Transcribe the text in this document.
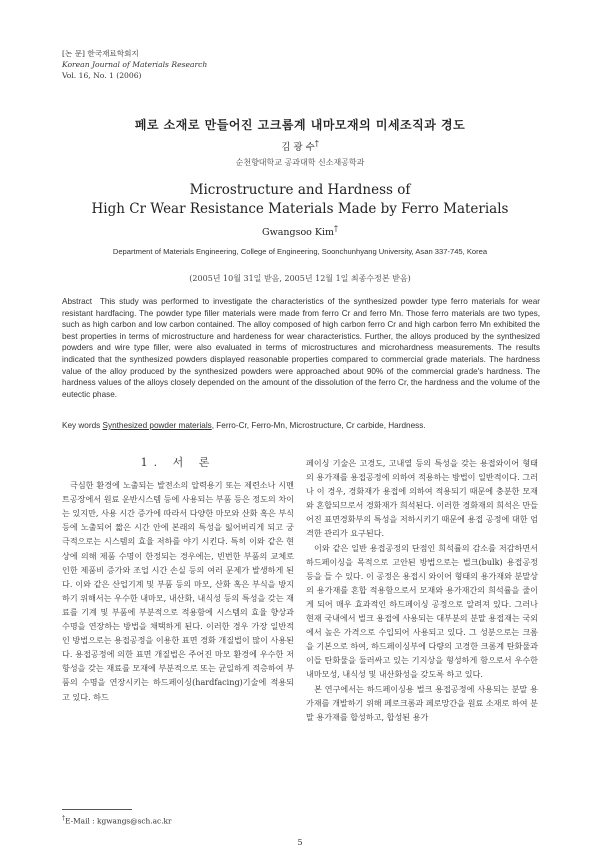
[논 문] 한국재료학회지
Korean Journal of Materials Research
Vol. 16, No. 1 (2006)
페로 소재로 만들어진 고크롬계 내마모재의 미세조직과 경도
김 광 수†
순천향대학교 공과대학 신소재공학과
Microstructure and Hardness of
High Cr Wear Resistance Materials Made by Ferro Materials
Gwangsoo Kim†
Department of Materials Engineering, College of Engineering, Soonchunhyang University, Asan 337-745, Korea
(2005년 10월 31일 받음, 2005년 12월 1일 최종수정본 받음)
Abstract This study was performed to investigate the characteristics of the synthesized powder type ferro materials for wear resistant hardfacing. The powder type filler materials were made from ferro Cr and ferro Mn. Those ferro materials are two types, such as high carbon and low carbon contained. The alloy composed of high carbon ferro Cr and high carbon ferro Mn exhibited the best properties in terms of microstructure and hardeness for wear characteristics. Further, the alloys produced by the synthesized powders and wire type filler, were also evaluated in terms of microstructures and microhardness measurements. The results indicated that the synthesized powders displayed reasonable properties compared to commercial grade materials. The hardness value of the alloy produced by the synthesized powders were approached about 90% of the commercial grade's hardness. The hardness values of the alloys closely depended on the amount of the dissolution of the ferro Cr, the hardness and the volume of the eutectic phase.
Key words Synthesized powder materials, Ferro-Cr, Ferro-Mn, Microstructure, Cr carbide, Hardness.
1. 서 론

극심한 환경에 노출되는 발전소의 압력용기 또는 제련소나 시멘트공장에서 원료 운반시스템 등에 사용되는 부품 등은 정도의 차이는 있지만, 사용 시간 증가에 따라서 다양한 마모와 산화 혹은 부식 등에 노출되어 짧은 시간 안에 본래의 특성을 잃어버리게 되고 궁극적으로는 시스템의 효율 저하를 야기 시킨다. 특히 이와 같은 현상에 의해 제품 수명이 한정되는 경우에는, 빈번한 부품의 교체로 인한 제품비 증가와 조업 시간 손실 등의 여러 문제가 발생하게 된다. 이와 같은 산업기계 및 부품 등의 마모, 산화 혹은 부식을 방지하기 위해서는 우수한 내마모, 내산화, 내식성 등의 특성을 갖는 재료를 기계 및 부품에 부분적으로 적용함에 시스템의 효율 향상과 수명을 연장하는 방법을 채택하게 된다. 이러한 경우 가장 일반적인 방법으로는 용접공정을 이용한 표면 경화 개질법이 많이 사용된다. 용접공정에 의한 표면 개질법은 주어진 마모 환경에 우수한 저항성을 갖는 재료를 모재에 부분적으로 또는 균일하게 적층하여 부품의 수명을 연장시키는 하드페이싱(hardfacing)기술에 적용되고 있다. 하드

페이싱 기술은 고경도, 고내열 등의 특성을 갖는 용접와이어 형태의 용가재를 용접공정에 의하여 적용하는 방법이 일반적이다. 그러나 이 경우, 경화재가 용접에 의하여 적용되기 때문에 충분한 모재와 혼합되므로서 경화재가 희석된다. 이러한 경화재의 희석은 만들어진 표면경화부의 특성을 저하시키기 때문에 용접 공정에 대한 엄격한 관리가 요구된다.

이와 같은 일반 용접공정의 단점인 희석률의 감소를 저감하면서 하드페이싱을 목적으로 고안된 방법으로는 벌크(bulk) 용접공정 등을 들 수 있다. 이 공정은 용접시 와이어 형태의 용가재와 분말상의 용가재를 혼합 적용함으로서 모재와 용가재간의 희석률을 줄이게 되어 매우 효과적인 하드페이싱 공정으로 알려져 있다. 그러나 현재 국내에서 벌크 용접에 사용되는 대부분의 분말 용접재는 국외에서 높은 가격으로 수입되어 사용되고 있다. 그 성분으로는 크롬을 기본으로 하여, 하드페이싱부에 다량의 고경한 크롬계 탄화물과 이들 탄화물을 둘러싸고 있는 기지상을 형성하게 함으로서 우수한 내마모성, 내식성 및 내산화성을 갖도록 하고 있다.

본 연구에서는 하드페이싱용 벌크 용접공정에 사용되는 분말 용가재를 개발하기 위해 페로크롬과 페로망간을 원료 소재로 하여 분말 용가재를 합성하고, 합성된 용가

†E-Mail : kgwangs@sch.ac.kr
5
